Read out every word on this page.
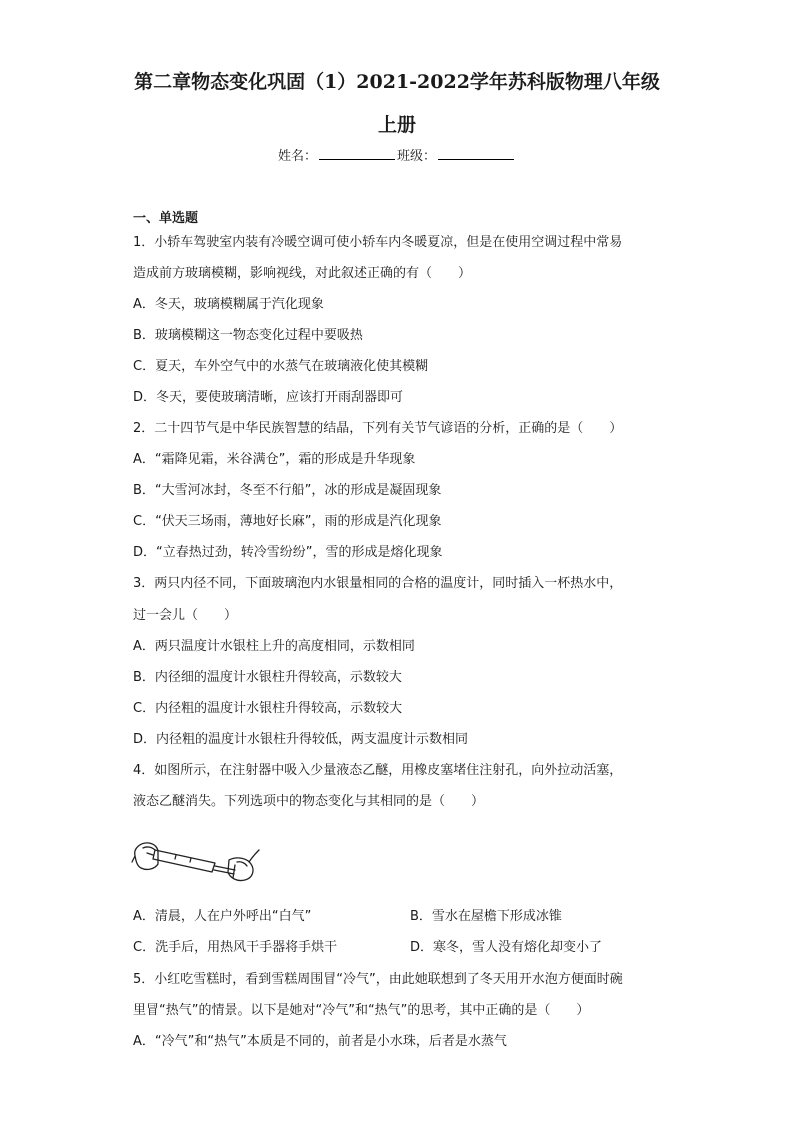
第二章物态变化巩固（1）2021-2022学年苏科版物理八年级
上册
姓名：	班级：
一、单选题
1．小轿车驾驶室内装有冷暖空调可使小轿车内冬暖夏凉，但是在使用空调过程中常易
造成前方玻璃模糊，影响视线，对此叙述正确的有（　　）
A．冬天，玻璃模糊属于汽化现象
B．玻璃模糊这一物态变化过程中要吸热
C．夏天，车外空气中的水蒸气在玻璃液化使其模糊
D．冬天，要使玻璃清晰，应该打开雨刮器即可
2．二十四节气是中华民族智慧的结晶，下列有关节气谚语的分析，正确的是（　　）
A．“霜降见霜，米谷满仓”，霜的形成是升华现象
B．“大雪河冰封，冬至不行船”，冰的形成是凝固现象
C．“伏天三场雨，薄地好长麻”，雨的形成是汽化现象
D．“立春热过劲，转冷雪纷纷”，雪的形成是熔化现象
3．两只内径不同，下面玻璃泡内水银量相同的合格的温度计，同时插入一杯热水中，
过一会儿（　　）
A．两只温度计水银柱上升的高度相同，示数相同
B．内径细的温度计水银柱升得较高，示数较大
C．内径粗的温度计水银柱升得较高，示数较大
D．内径粗的温度计水银柱升得较低，两支温度计示数相同
4．如图所示，在注射器中吸入少量液态乙醚，用橡皮塞堵住注射孔，向外拉动活塞，
液态乙醚消失。下列选项中的物态变化与其相同的是（　　）
A．清晨，人在户外呼出“白气”	B．雪水在屋檐下形成冰锥
C．洗手后，用热风干手器将手烘干	D．寒冬，雪人没有熔化却变小了
5．小红吃雪糕时，看到雪糕周围冒“冷气”，由此她联想到了冬天用开水泡方便面时碗
里冒“热气”的情景。以下是她对“冷气”和“热气”的思考，其中正确的是（　　）
A．“冷气”和“热气”本质是不同的，前者是小水珠，后者是水蒸气
